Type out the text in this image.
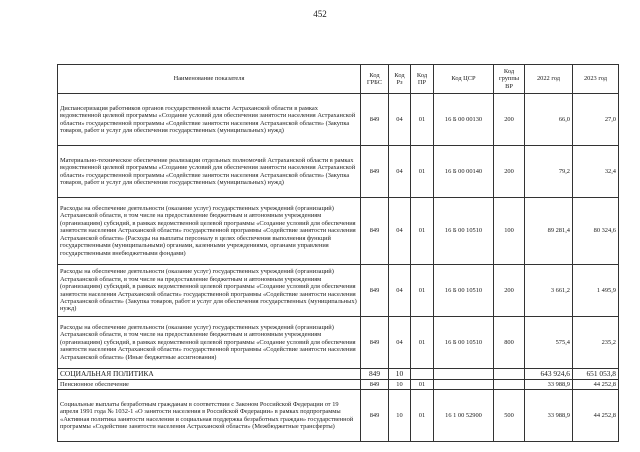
452
Наименование показателя	Код ГРБС	Код Рз	Код ПР	Код ЦСР	Код группы ВР	2022 год	2023 год
Диспансеризация работников органов государственной власти Астраханской области в рамках ведомственной целевой программы «Создание условий для обеспечения занятости населения Астраханской области» государственной программы «Содействие занятости населения Астраханской области» (Закупка товаров, работ и услуг для обеспечения государственных (муниципальных) нужд)	849	04	01	16 Б 00 00130	200	66,0	27,0
Материально-техническое обеспечение реализации отдельных полномочий Астраханской области в рамках ведомственной целевой программы «Создание условий для обеспечения занятости населения Астраханской области» государственной программы «Содействие занятости населения Астраханской области» (Закупка товаров, работ и услуг для обеспечения государственных (муниципальных) нужд)	849	04	01	16 Б 00 00140	200	79,2	32,4
Расходы на обеспечение деятельности (оказание услуг) государственных учреждений (организаций) Астраханской области, в том числе на предоставление бюджетным и автономным учреждениям (организациям) субсидий, в рамках ведомственной целевой программы «Создание условий для обеспечения занятости населения Астраханской области» государственной программы «Содействие занятости населения Астраханской области» (Расходы на выплаты персоналу в целях обеспечения выполнения функций государственными (муниципальными) органами, казенными учреждениями, органами управления государственными внебюджетными фондами)	849	04	01	16 Б 00 10510	100	89 281,4	80 324,6
Расходы на обеспечение деятельности (оказание услуг) государственных учреждений (организаций) Астраханской области, в том числе на предоставление бюджетным и автономным учреждениям (организациям) субсидий, в рамках ведомственной целевой программы «Создание условий для обеспечения занятости населения Астраханской области» государственной программы «Содействие занятости населения Астраханской области» (Закупка товаров, работ и услуг для обеспечения государственных (муниципальных) нужд)	849	04	01	16 Б 00 10510	200	3 661,2	1 495,9
Расходы на обеспечение деятельности (оказание услуг) государственных учреждений (организаций) Астраханской области, в том числе на предоставление бюджетным и автономным учреждениям (организациям) субсидий, в рамках ведомственной целевой программы «Создание условий для обеспечения занятости населения Астраханской области» государственной программы «Содействие занятости населения Астраханской области» (Иные бюджетные ассигнования)	849	04	01	16 Б 00 10510	800	575,4	235,2
СОЦИАЛЬНАЯ ПОЛИТИКА	849	10				643 924,6	651 053,8
Пенсионное обеспечение	849	10	01			33 988,9	44 252,8
Социальные выплаты безработным гражданам в соответствии с Законом Российской Федерации от 19 апреля 1991 года № 1032-1 «О занятости населения в Российской Федерации» в рамках подпрограммы «Активная политика занятости населения и социальная поддержка безработных граждан» государственной программы «Содействие занятости населения Астраханской области» (Межбюджетные трансферты)	849	10	01	16 1 00 52900	500	33 988,9	44 252,8
